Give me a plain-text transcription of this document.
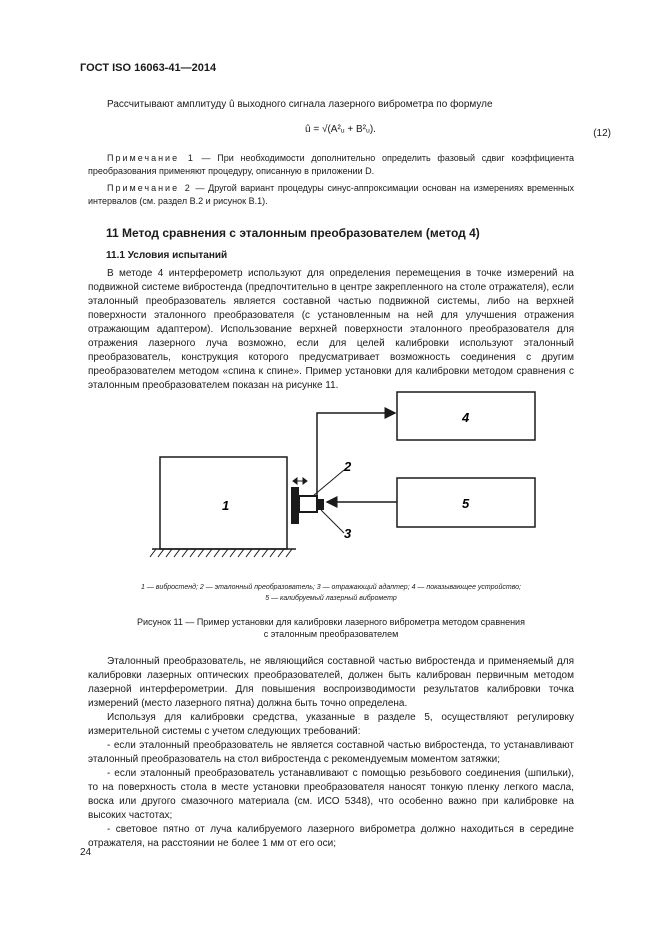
ГОСТ ISO 16063-41—2014

Рассчитывают амплитуду û выходного сигнала лазерного виброметра по формуле

û = √(A²ᵤ + B²ᵤ).	(12)
Примечание 1 — При необходимости дополнительно определить фазовый сдвиг коэффициента преобразования применяют процедуру, описанную в приложении D.
Примечание 2 — Другой вариант процедуры синус-аппроксимации основан на измерениях временных интервалов (см. раздел В.2 и рисунок В.1).
11 Метод сравнения с эталонным преобразователем (метод 4)
11.1 Условия испытаний

В методе 4 интерферометр используют для определения перемещения в точке измерений на подвижной системе вибростенда (предпочтительно в центре закрепленного на столе отражателя), если эталонный преобразователь является составной частью подвижной системы, либо на верхней поверхности эталонного преобразователя (с установленным на ней для улучшения отражения отражающим адаптером). Использование верхней поверхности эталонного преобразователя для отражения лазерного луча возможно, если для целей калибровки используют эталонный преобразователь, конструкция которого предусматривает возможность соединения с другим преобразователем методом «спина к спине». Пример установки для калибровки методом сравнения с эталонным преобразователем показан на рисунке 11.

4
5
1
2
3
1 — вибростенд; 2 — эталонный преобразователь; 3 — отражающий адаптер; 4 — показывающее устройство;
5 — калибруемый лазерный виброметр
Рисунок 11 — Пример установки для калибровки лазерного виброметра методом сравнения
с эталонным преобразователем

Эталонный преобразователь, не являющийся составной частью вибростенда и применяемый для калибровки лазерных оптических преобразователей, должен быть калиброван первичным методом лазерной интерферометрии. Для повышения воспроизводимости результатов калибровки точка измерений (место лазерного пятна) должна быть точно определена.

Используя для калибровки средства, указанные в разделе 5, осуществляют регулировку измерительной системы с учетом следующих требований:

- если эталонный преобразователь не является составной частью вибростенда, то устанавливают эталонный преобразователь на стол вибростенда с рекомендуемым моментом затяжки;
- если эталонный преобразователь устанавливают с помощью резьбового соединения (шпильки), то на поверхность стола в месте установки преобразователя наносят тонкую пленку легкого масла, воска или другого смазочного материала (см. ИСО 5348), что особенно важно при калибровке на высоких частотах;
- световое пятно от луча калибруемого лазерного виброметра должно находиться в середине отражателя, на расстоянии не более 1 мм от его оси;
24
